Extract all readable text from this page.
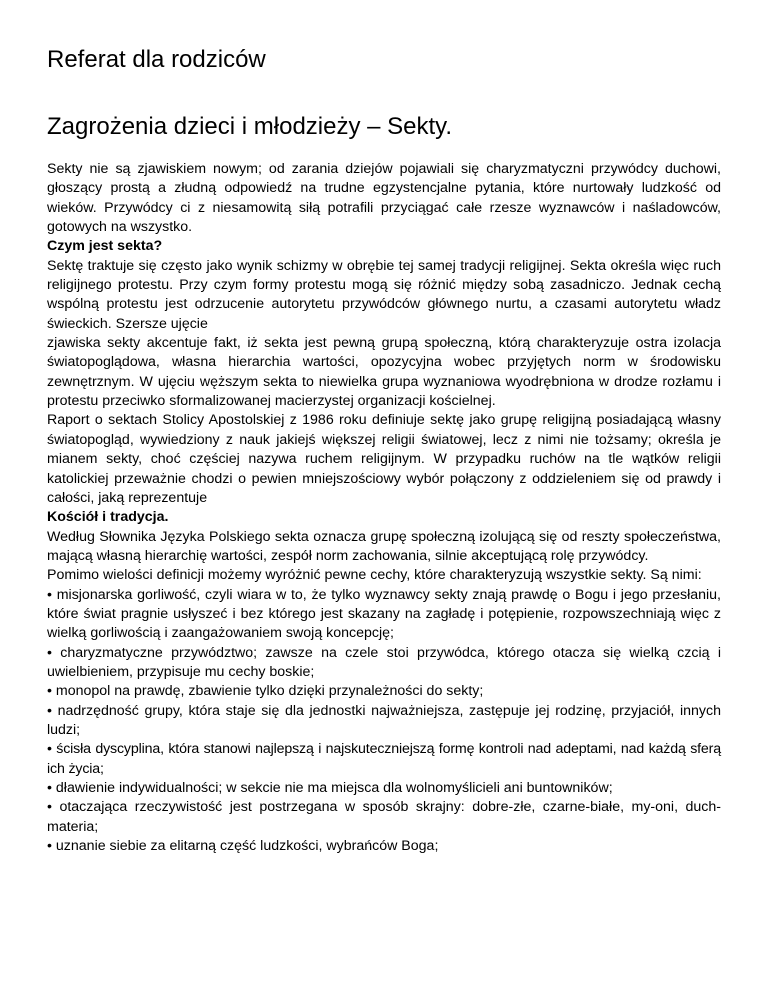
Referat dla rodziców
Zagrożenia dzieci i młodzieży – Sekty.

Sekty nie są zjawiskiem nowym; od zarania dziejów pojawiali się charyzmatyczni przywódcy duchowi, głoszący prostą a złudną odpowiedź na trudne egzystencjalne pytania, które nurtowały ludzkość od wieków. Przywódcy ci z niesamowitą siłą potrafili przyciągać całe rzesze wyznawców i naśladowców, gotowych na wszystko.

Czym jest sekta?

Sektę traktuje się często jako wynik schizmy w obrębie tej samej tradycji religijnej. Sekta określa więc ruch religijnego protestu. Przy czym formy protestu mogą się różnić między sobą zasadniczo. Jednak cechą wspólną protestu jest odrzucenie autorytetu przywódców głównego nurtu, a czasami autorytetu władz świeckich. Szersze ujęcie

zjawiska sekty akcentuje fakt, iż sekta jest pewną grupą społeczną, którą charakteryzuje ostra izolacja światopoglądowa, własna hierarchia wartości, opozycyjna wobec przyjętych norm w środowisku zewnętrznym. W ujęciu węższym sekta to niewielka grupa wyznaniowa wyodrębniona w drodze rozłamu i protestu przeciwko sformalizowanej macierzystej organizacji kościelnej.

Raport o sektach Stolicy Apostolskiej z 1986 roku definiuje sektę jako grupę religijną posiadającą własny światopogląd, wywiedziony z nauk jakiejś większej religii światowej, lecz z nimi nie tożsamy; określa je mianem sekty, choć częściej nazywa ruchem religijnym. W przypadku ruchów na tle wątków religii katolickiej przeważnie chodzi o pewien mniejszościowy wybór połączony z oddzieleniem się od prawdy i całości, jaką reprezentuje

Kościół i tradycja.

Według Słownika Języka Polskiego sekta oznacza grupę społeczną izolującą się od reszty społeczeństwa, mającą własną hierarchię wartości, zespół norm zachowania, silnie akceptującą rolę przywódcy.

Pomimo wielości definicji możemy wyróżnić pewne cechy, które charakteryzują wszystkie sekty. Są nimi:

• misjonarska gorliwość, czyli wiara w to, że tylko wyznawcy sekty znają prawdę o Bogu i jego przesłaniu, które świat pragnie usłyszeć i bez którego jest skazany na zagładę i potępienie, rozpowszechniają więc z wielką gorliwością i zaangażowaniem swoją koncepcję;

• charyzmatyczne przywództwo; zawsze na czele stoi przywódca, którego otacza się wielką czcią i uwielbieniem, przypisuje mu cechy boskie;

• monopol na prawdę, zbawienie tylko dzięki przynależności do sekty;

• nadrzędność grupy, która staje się dla jednostki najważniejsza, zastępuje jej rodzinę, przyjaciół, innych ludzi;

• ścisła dyscyplina, która stanowi najlepszą i najskuteczniejszą formę kontroli nad adeptami, nad każdą sferą ich życia;

• dławienie indywidualności; w sekcie nie ma miejsca dla wolnomyślicieli ani buntowników;

• otaczająca rzeczywistość jest postrzegana w sposób skrajny: dobre-złe, czarne-białe, my-oni, duch-materia;

• uznanie siebie za elitarną część ludzkości, wybrańców Boga;
